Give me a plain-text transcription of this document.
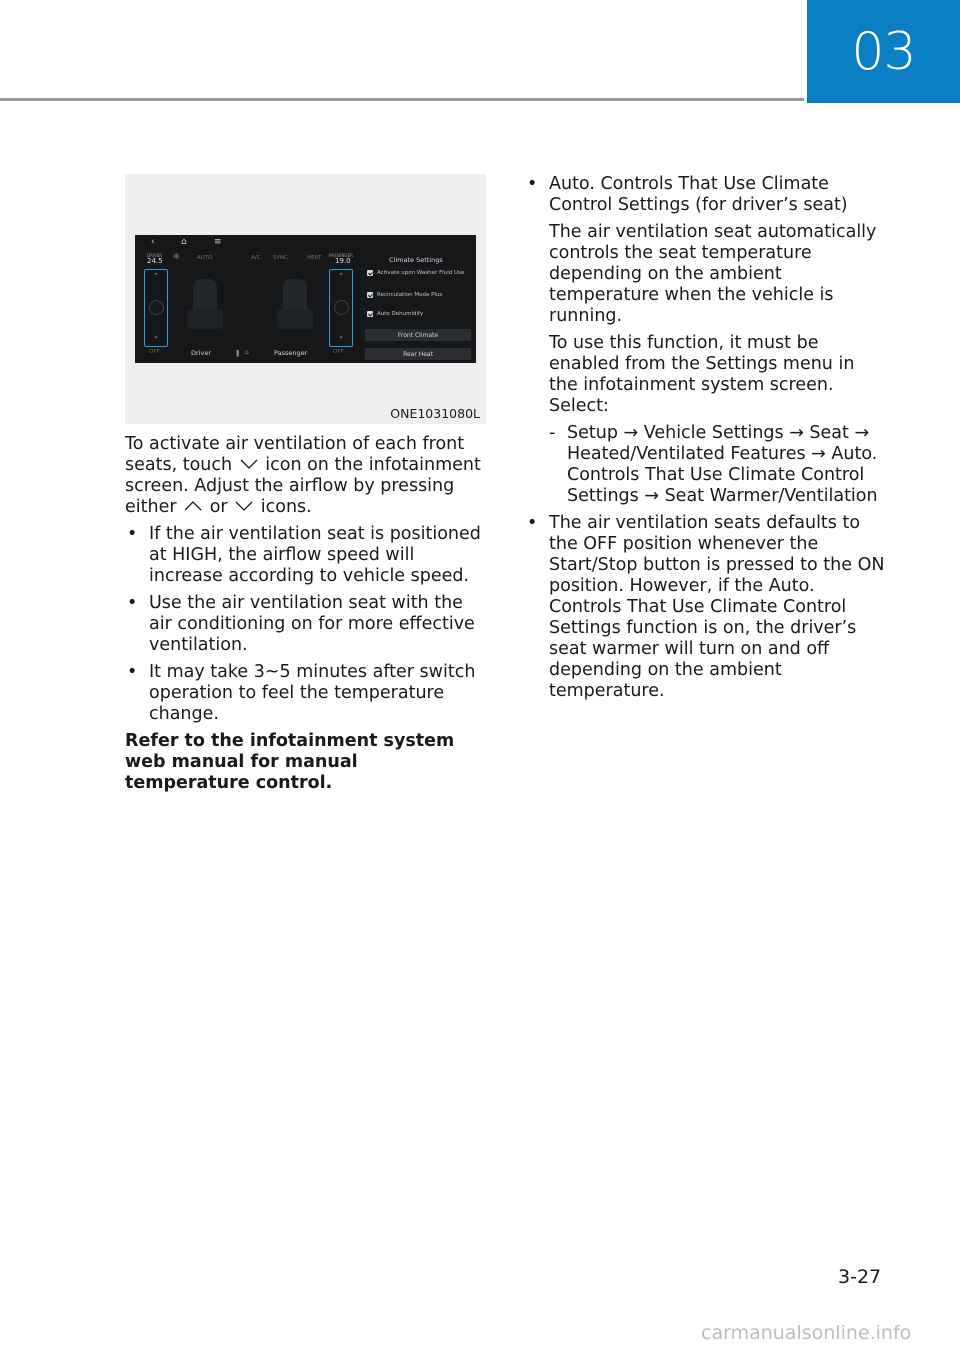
03
‹	⌂	≡
DRIVER
24.5 ❋	AUTO	A/C SYNC	HEAT PASSENGER
19.0
⌃
⌄
⌃
⌄
OFF	Driver	❚ ♨	Passenger	OFF
Climate Settings
Activate upon Washer Fluid Use
Recirculation Mode Plus
Auto Dehumidify
Front Climate
Rear Heat
ONE1031080L

To activate air ventilation of each front seats, touch icon on the infotainment screen. Adjust the airflow by pressing either or icons.

• If the air ventilation seat is positioned at HIGH, the airflow speed will increase according to vehicle speed.
• Use the air ventilation seat with the air conditioning on for more effective ventilation.
• It may take 3~5 minutes after switch operation to feel the temperature change.

Refer to the infotainment system web manual for manual temperature control.

• Auto. Controls That Use Climate Control Settings (for driver’s seat)

The air ventilation seat automatically controls the seat temperature depending on the ambient temperature when the vehicle is running.

To use this function, it must be enabled from the Settings menu in the infotainment system screen. Select:

- Setup → Vehicle Settings → Seat → Heated/Ventilated Features → Auto. Controls That Use Climate Control Settings → Seat Warmer/Ventilation
• The air ventilation seats defaults to the OFF position whenever the Start/Stop button is pressed to the ON position. However, if the Auto. Controls That Use Climate Control Settings function is on, the driver’s seat warmer will turn on and off depending on the ambient temperature.
3-27
carmanualsonline.info
